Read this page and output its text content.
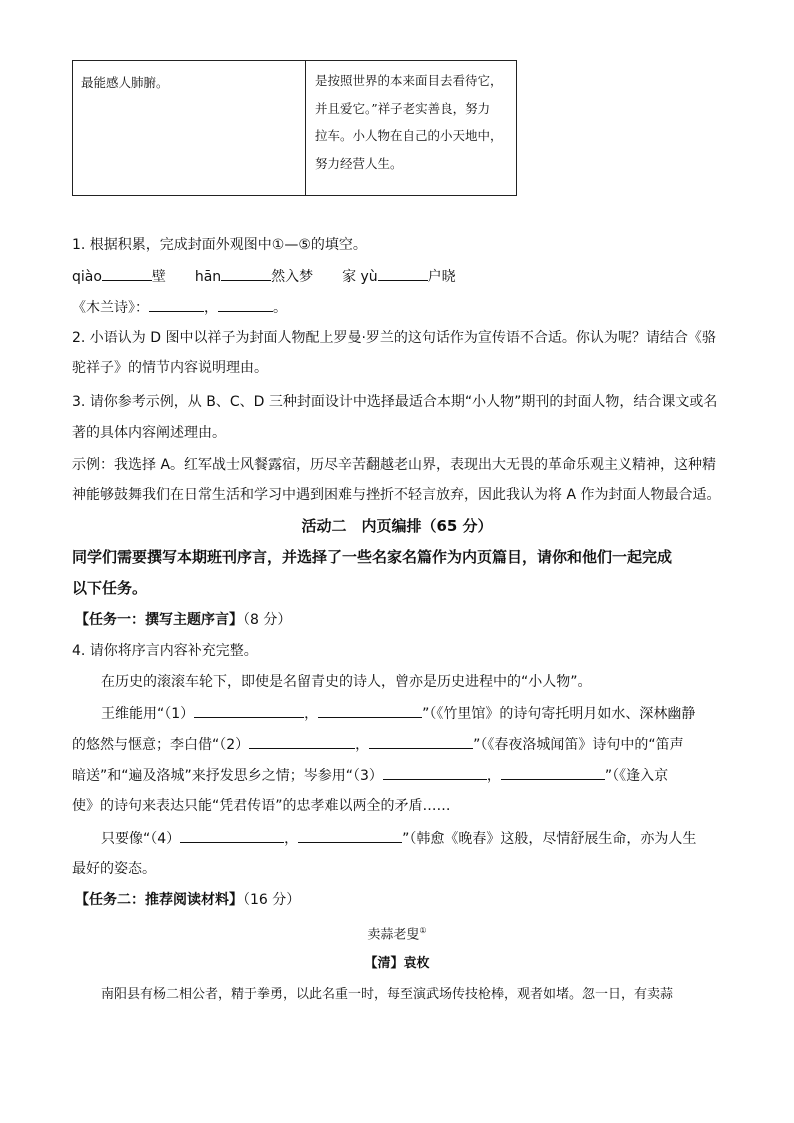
最能感人肺腑。	是按照世界的本来面目去看待它，
并且爱它。”祥子老实善良，努力
拉车。小人物在自己的小天地中，
努力经营人生。
1. 根据积累，完成封面外观图中①—⑤的填空。
qiào	壁 hān	然入梦 家 yù	户晓
《木兰诗》：	，	。
2. 小语认为 D 图中以祥子为封面人物配上罗曼·罗兰的这句话作为宣传语不合适。你认为呢？请结合《骆
驼祥子》的情节内容说明理由。
3. 请你参考示例，从 B、C、D 三种封面设计中选择最适合本期“小人物”期刊的封面人物，结合课文或名
著的具体内容阐述理由。
示例：我选择 A。红军战士风餐露宿，历尽辛苦翻越老山界，表现出大无畏的革命乐观主义精神，这种精
神能够鼓舞我们在日常生活和学习中遇到困难与挫折不轻言放弃，因此我认为将 A 作为封面人物最合适。
活动二　内页编排（65 分）
同学们需要撰写本期班刊序言，并选择了一些名家名篇作为内页篇目，请你和他们一起完成
以下任务。
【任务一：撰写主题序言】（8 分）
4. 请你将序言内容补充完整。
在历史的滚滚车轮下，即使是名留青史的诗人，曾亦是历史进程中的“小人物”。
王维能用“（1）	，	”（《竹里馆》的诗句寄托明月如水、深林幽静
的悠然与惬意；李白借“（2）	，	”（《春夜洛城闻笛》诗句中的“笛声
暗送”和“遍及洛城”来抒发思乡之情；岑参用“（3）	，	”（《逢入京
使》的诗句来表达只能“凭君传语”的忠孝难以两全的矛盾……
只要像“（4）	，	”（韩愈《晚春》这般，尽情舒展生命，亦为人生
最好的姿态。
【任务二：推荐阅读材料】（16 分）
卖蒜老叟①
【清】袁枚
南阳县有杨二相公者，精于拳勇，以此名重一时，每至演武场传技枪棒，观者如堵。忽一日，有卖蒜
